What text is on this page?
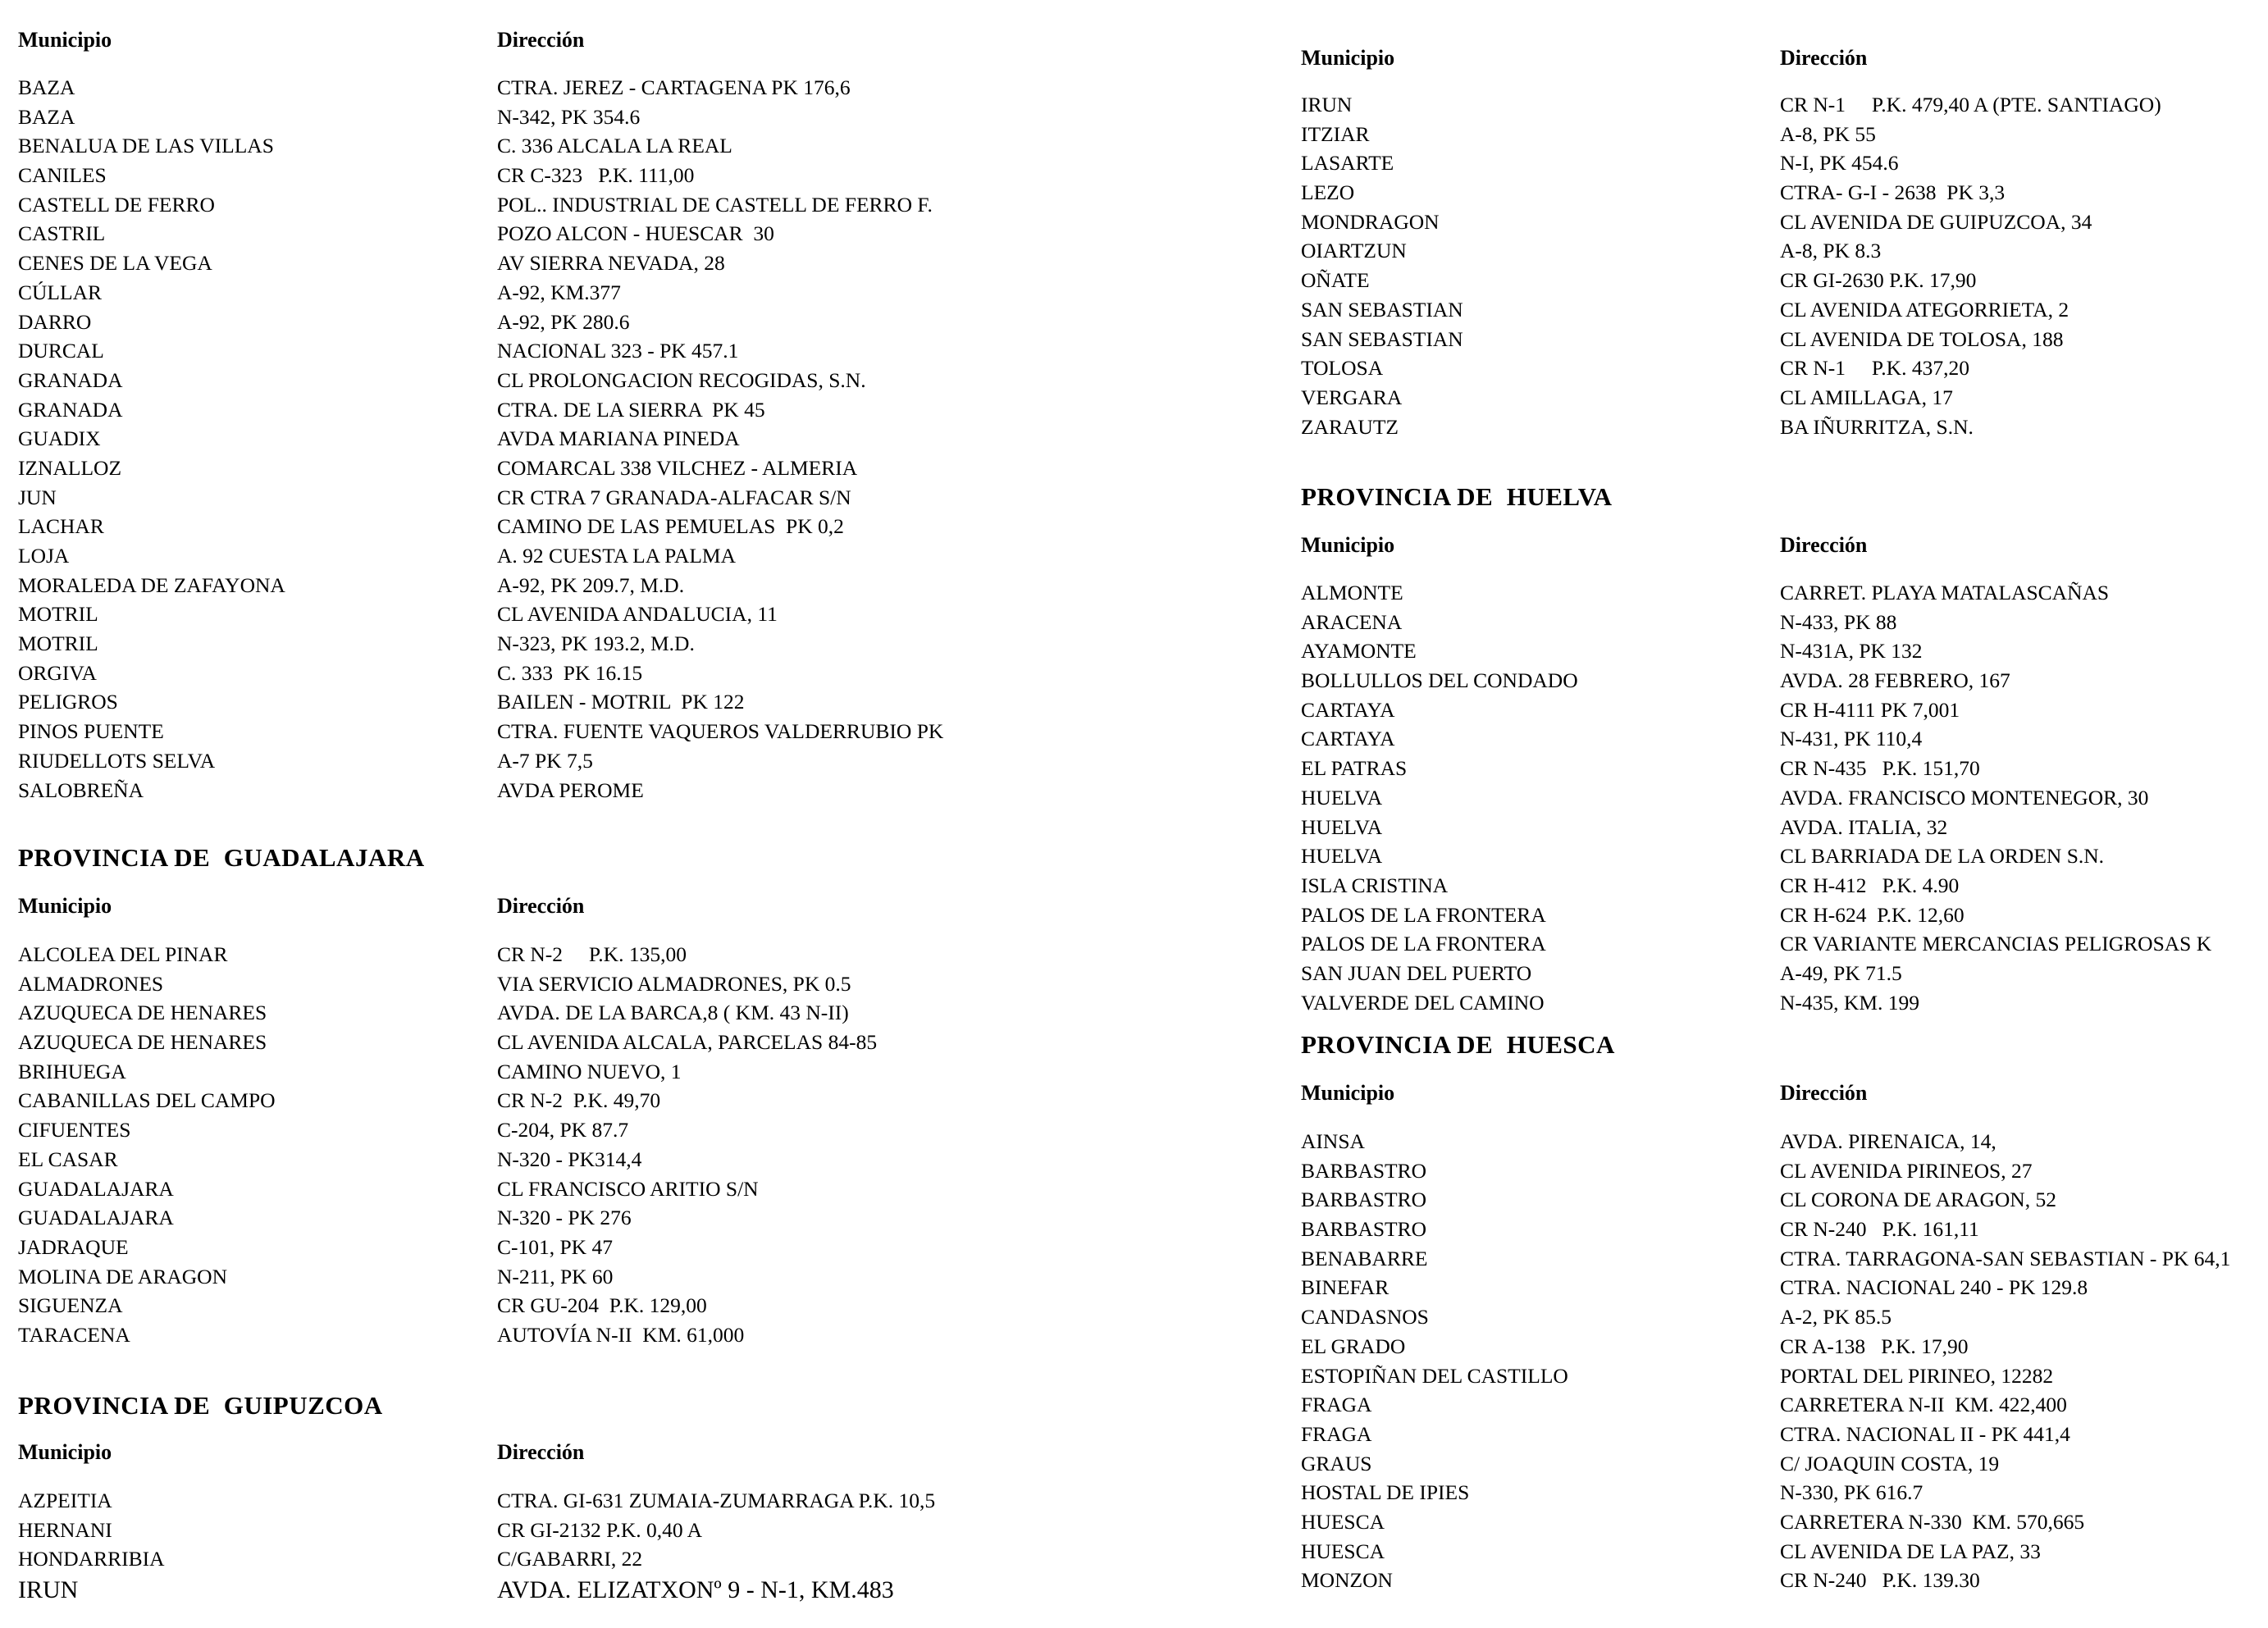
Municipio	Dirección
BAZA	CTRA. JEREZ - CARTAGENA PK 176,6
BAZA	N-342, PK 354.6
BENALUA DE LAS VILLAS	C. 336 ALCALA LA REAL
CANILES	CR C-323   P.K. 111,00
CASTELL DE FERRO	POL.. INDUSTRIAL DE CASTELL DE FERRO F.
CASTRIL	POZO ALCON - HUESCAR  30
CENES DE LA VEGA	AV SIERRA NEVADA, 28
CÚLLAR	A-92, KM.377
DARRO	A-92, PK 280.6
DURCAL	NACIONAL 323 - PK 457.1
GRANADA	CL PROLONGACION RECOGIDAS, S.N.
GRANADA	CTRA. DE LA SIERRA  PK 45
GUADIX	AVDA MARIANA PINEDA
IZNALLOZ	COMARCAL 338 VILCHEZ - ALMERIA
JUN	CR CTRA 7 GRANADA-ALFACAR S/N
LACHAR	CAMINO DE LAS PEMUELAS  PK 0,2
LOJA	A. 92 CUESTA LA PALMA
MORALEDA DE ZAFAYONA	A-92, PK 209.7, M.D.
MOTRIL	CL AVENIDA ANDALUCIA, 11
MOTRIL	N-323, PK 193.2, M.D.
ORGIVA	C. 333  PK 16.15
PELIGROS	BAILEN - MOTRIL  PK 122
PINOS PUENTE	CTRA. FUENTE VAQUEROS VALDERRUBIO PK
RIUDELLOTS SELVA	A-7 PK 7,5
SALOBREÑA	AVDA PEROME
PROVINCIA DE  GUADALAJARA
Municipio	Dirección
ALCOLEA DEL PINAR	CR N-2     P.K. 135,00
ALMADRONES	VIA SERVICIO ALMADRONES, PK 0.5
AZUQUECA DE HENARES	AVDA. DE LA BARCA,8 ( KM. 43 N-II)
AZUQUECA DE HENARES	CL AVENIDA ALCALA, PARCELAS 84-85
BRIHUEGA	CAMINO NUEVO, 1
CABANILLAS DEL CAMPO	CR N-2  P.K. 49,70
CIFUENTES	C-204, PK 87.7
EL CASAR	N-320 - PK314,4
GUADALAJARA	CL FRANCISCO ARITIO S/N
GUADALAJARA	N-320 - PK 276
JADRAQUE	C-101, PK 47
MOLINA DE ARAGON	N-211, PK 60
SIGUENZA	CR GU-204  P.K. 129,00
TARACENA	AUTOVÍA N-II  KM. 61,000
PROVINCIA DE  GUIPUZCOA
Municipio	Dirección
AZPEITIA	CTRA. GI-631 ZUMAIA-ZUMARRAGA P.K. 10,5
HERNANI	CR GI-2132 P.K. 0,40 A
HONDARRIBIA	C/GABARRI, 22
IRUN	AVDA. ELIZATXONº 9 - N-1, KM.483
Municipio	Dirección
IRUN	CR N-1     P.K. 479,40 A (PTE. SANTIAGO)
ITZIAR	A-8, PK 55
LASARTE	N-I, PK 454.6
LEZO	CTRA- G-I - 2638  PK 3,3
MONDRAGON	CL AVENIDA DE GUIPUZCOA, 34
OIARTZUN	A-8, PK 8.3
OÑATE	CR GI-2630 P.K. 17,90
SAN SEBASTIAN	CL AVENIDA ATEGORRIETA, 2
SAN SEBASTIAN	CL AVENIDA DE TOLOSA, 188
TOLOSA	CR N-1     P.K. 437,20
VERGARA	CL AMILLAGA, 17
ZARAUTZ	BA IÑURRITZA, S.N.
PROVINCIA DE  HUELVA
Municipio	Dirección
ALMONTE	CARRET. PLAYA MATALASCAÑAS
ARACENA	N-433, PK 88
AYAMONTE	N-431A, PK 132
BOLLULLOS DEL CONDADO	AVDA. 28 FEBRERO, 167
CARTAYA	CR H-4111 PK 7,001
CARTAYA	N-431, PK 110,4
EL PATRAS	CR N-435   P.K. 151,70
HUELVA	AVDA. FRANCISCO MONTENEGOR, 30
HUELVA	AVDA. ITALIA, 32
HUELVA	CL BARRIADA DE LA ORDEN S.N.
ISLA CRISTINA	CR H-412   P.K. 4.90
PALOS DE LA FRONTERA	CR H-624  P.K. 12,60
PALOS DE LA FRONTERA	CR VARIANTE MERCANCIAS PELIGROSAS K
SAN JUAN DEL PUERTO	A-49, PK 71.5
VALVERDE DEL CAMINO	N-435, KM. 199
PROVINCIA DE  HUESCA
Municipio	Dirección
AINSA	AVDA. PIRENAICA, 14,
BARBASTRO	CL AVENIDA PIRINEOS, 27
BARBASTRO	CL CORONA DE ARAGON, 52
BARBASTRO	CR N-240   P.K. 161,11
BENABARRE	CTRA. TARRAGONA-SAN SEBASTIAN - PK 64,1
BINEFAR	CTRA. NACIONAL 240 - PK 129.8
CANDASNOS	A-2, PK 85.5
EL GRADO	CR A-138   P.K. 17,90
ESTOPIÑAN DEL CASTILLO	PORTAL DEL PIRINEO, 12282
FRAGA	CARRETERA N-II  KM. 422,400
FRAGA	CTRA. NACIONAL II - PK 441,4
GRAUS	C/ JOAQUIN COSTA, 19
HOSTAL DE IPIES	N-330, PK 616.7
HUESCA	CARRETERA N-330  KM. 570,665
HUESCA	CL AVENIDA DE LA PAZ, 33
MONZON	CR N-240   P.K. 139.30
